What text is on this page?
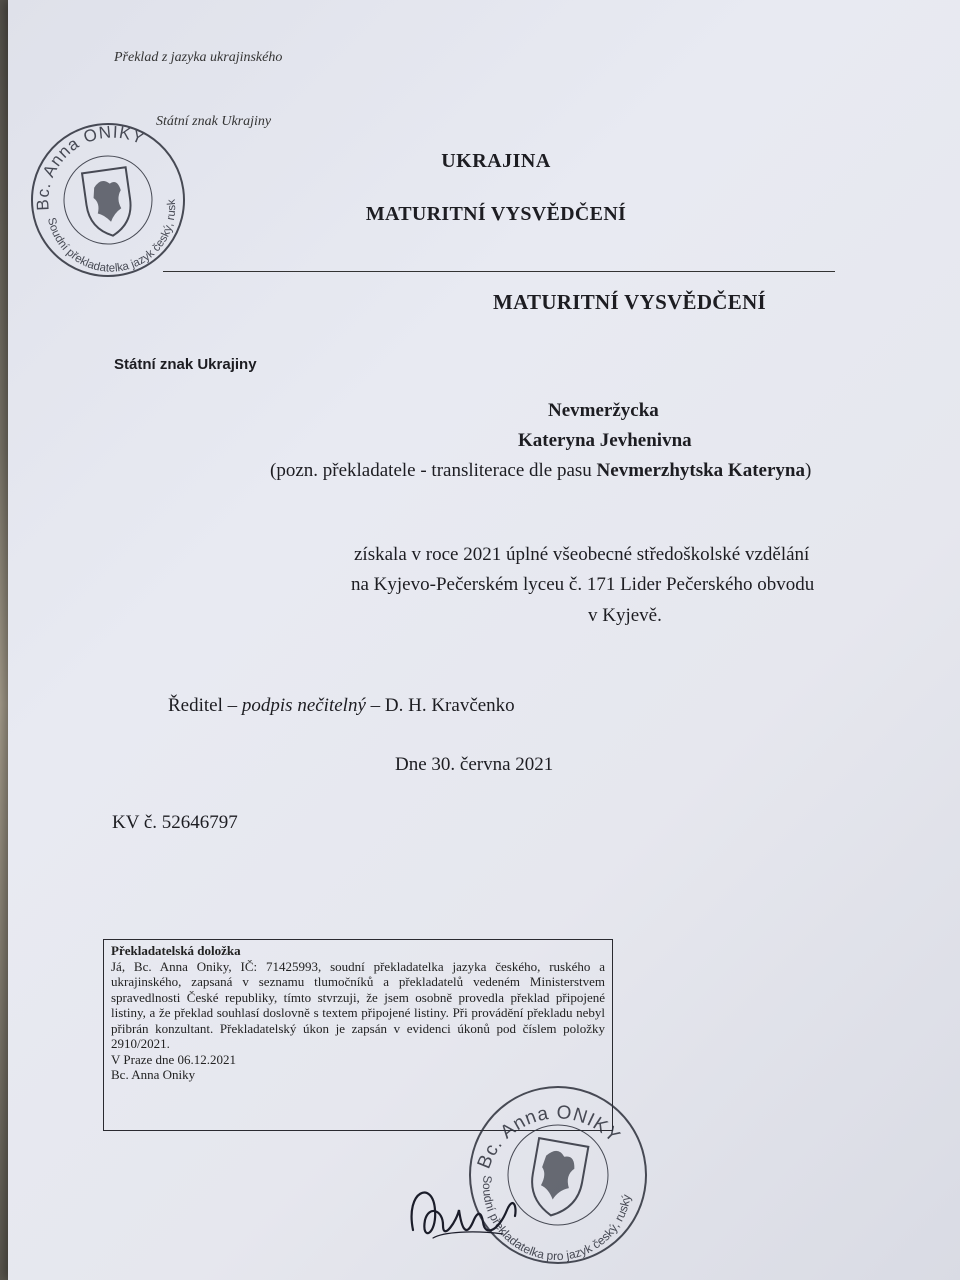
Překlad z jazyka ukrajinského
Státní znak Ukrajiny
UKRAJINA
MATURITNÍ VYSVĚDČENÍ
MATURITNÍ VYSVĚDČENÍ
Státní znak Ukrajiny
Nevmeržycka
Kateryna Jevhenivna
(pozn. překladatele - transliterace dle pasu Nevmerzhytska Kateryna)
získala v roce 2021 úplné všeobecné středoškolské vzdělání
na Kyjevo-Pečerském lyceu č. 171 Lider Pečerského obvodu
v Kyjevě.
Ředitel – podpis nečitelný – D. H. Kravčenko
Dne 30. června 2021
KV č. 52646797
Překladatelská doložka
Já, Bc. Anna Oniky, IČ: 71425993, soudní překladatelka jazyka českého, ruského a ukrajinského, zapsaná v seznamu tlumočníků a překladatelů vedeném Ministerstvem spravedlnosti České republiky, tímto stvrzuji, že jsem osobně provedla překlad připojené listiny, a že překlad souhlasí doslovně s textem připojené listiny. Při provádění překladu nebyl přibrán konzultant. Překladatelský úkon je zapsán v evidenci úkonů pod číslem položky 2910/2021.
V Praze dne 06.12.2021
Bc. Anna Oniky
Bc. Anna ONIKY
Soudní překladatelka jazyk český, ruský
Bc. Anna ONIKY
Soudní překladatelka pro jazyk český, ruský
